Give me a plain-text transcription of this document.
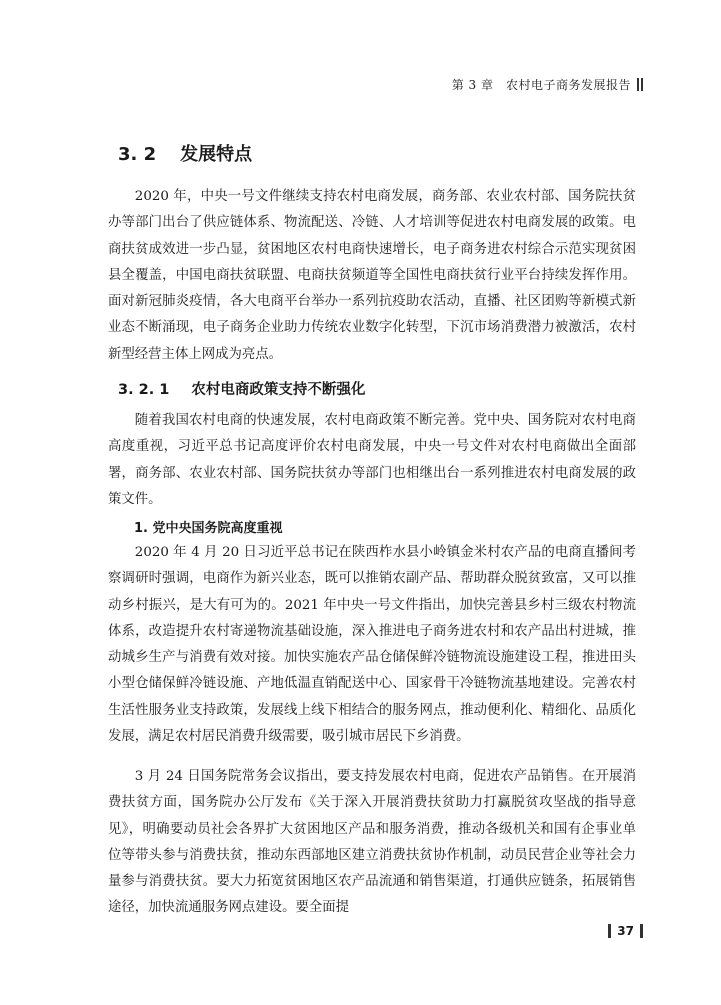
第 3 章　农村电子商务发展报告
3. 2 发展特点

2020 年，中央一号文件继续支持农村电商发展，商务部、农业农村部、国务院扶贫办等部门出台了供应链体系、物流配送、冷链、人才培训等促进农村电商发展的政策。电商扶贫成效进一步凸显，贫困地区农村电商快速增长，电子商务进农村综合示范实现贫困县全覆盖，中国电商扶贫联盟、电商扶贫频道等全国性电商扶贫行业平台持续发挥作用。面对新冠肺炎疫情，各大电商平台举办一系列抗疫助农活动，直播、社区团购等新模式新业态不断涌现，电子商务企业助力传统农业数字化转型，下沉市场消费潜力被激活，农村新型经营主体上网成为亮点。

3. 2. 1 农村电商政策支持不断强化

随着我国农村电商的快速发展，农村电商政策不断完善。党中央、国务院对农村电商高度重视，习近平总书记高度评价农村电商发展，中央一号文件对农村电商做出全面部署，商务部、农业农村部、国务院扶贫办等部门也相继出台一系列推进农村电商发展的政策文件。

1. 党中央国务院高度重视

2020 年 4 月 20 日习近平总书记在陕西柞水县小岭镇金米村农产品的电商直播间考察调研时强调，电商作为新兴业态，既可以推销农副产品、帮助群众脱贫致富，又可以推动乡村振兴，是大有可为的。2021 年中央一号文件指出，加快完善县乡村三级农村物流体系，改造提升农村寄递物流基础设施，深入推进电子商务进农村和农产品出村进城，推动城乡生产与消费有效对接。加快实施农产品仓储保鲜冷链物流设施建设工程，推进田头小型仓储保鲜冷链设施、产地低温直销配送中心、国家骨干冷链物流基地建设。完善农村生活性服务业支持政策，发展线上线下相结合的服务网点，推动便利化、精细化、品质化发展，满足农村居民消费升级需要，吸引城市居民下乡消费。

3 月 24 日国务院常务会议指出，要支持发展农村电商，促进农产品销售。在开展消费扶贫方面，国务院办公厅发布《关于深入开展消费扶贫助力打赢脱贫攻坚战的指导意见》，明确要动员社会各界扩大贫困地区产品和服务消费，推动各级机关和国有企事业单位等带头参与消费扶贫，推动东西部地区建立消费扶贫协作机制，动员民营企业等社会力量参与消费扶贫。要大力拓宽贫困地区农产品流通和销售渠道，打通供应链条，拓展销售途径，加快流通服务网点建设。要全面提

37
